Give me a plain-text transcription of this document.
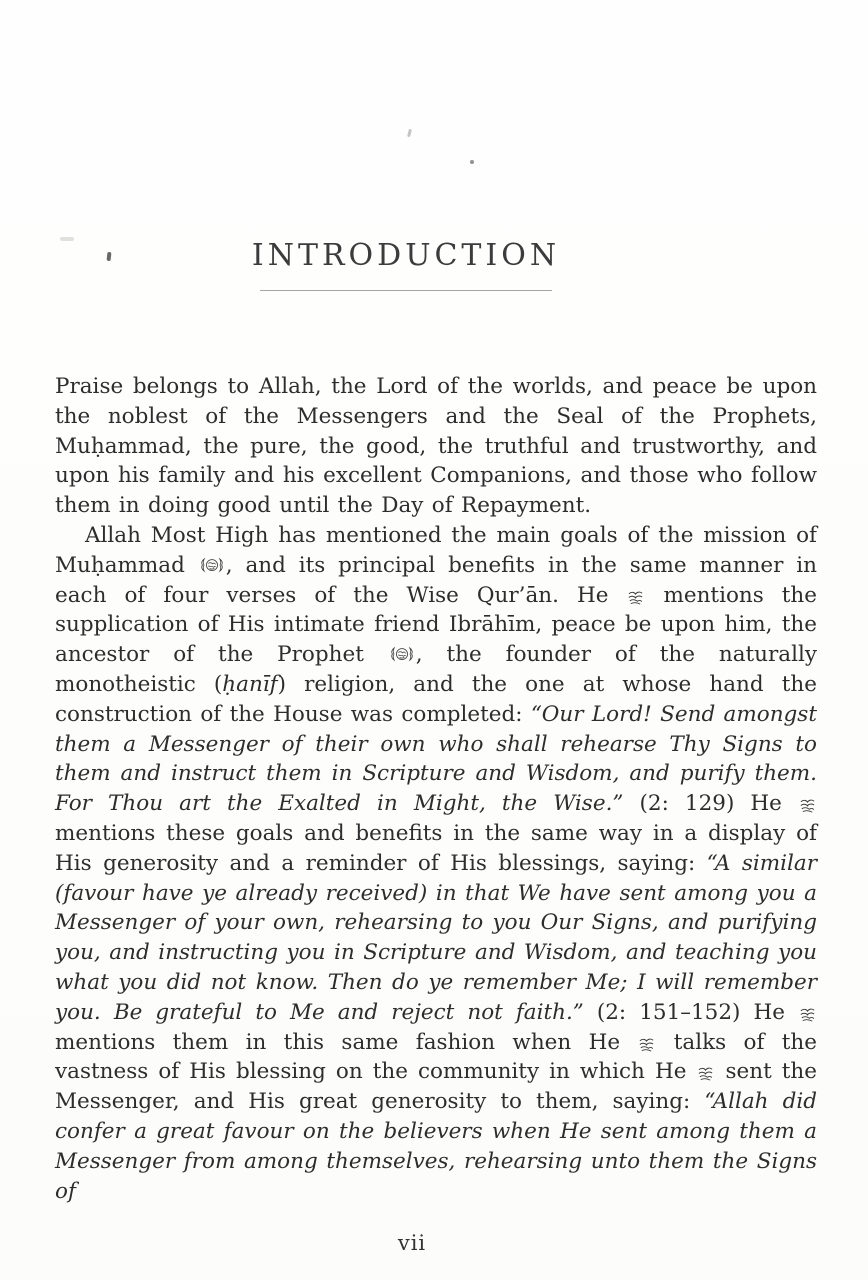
INTRODUCTION

Praise belongs to Allah, the Lord of the worlds, and peace be upon the noblest of the Messengers and the Seal of the Prophets, Muḥammad, the pure, the good, the truthful and trustworthy, and upon his family and his excellent Companions, and those who follow them in doing good until the Day of Repayment.

Allah Most High has mentioned the main goals of the mission of Muḥammad
, and its principal benefits in the same manner in each of four verses of the Wise Qur’ān. He
mentions the supplication of His intimate friend Ibrāhīm, peace be upon him, the ancestor of the Prophet
, the founder of the naturally monotheistic (ḥanīf) religion, and the one at whose hand the construction of the House was completed: “Our Lord! Send amongst them a Messenger of their own who shall rehearse Thy Signs to them and instruct them in Scripture and Wisdom, and purify them. For Thou art the Exalted in Might, the Wise.” (2: 129) He
mentions these goals and benefits in the same way in a display of His generosity and a reminder of His blessings, saying: “A similar (favour have ye already received) in that We have sent among you a Messenger of your own, rehearsing to you Our Signs, and purifying you, and instructing you in Scripture and Wisdom, and teaching you what you did not know. Then do ye remember Me; I will remember you. Be grateful to Me and reject not faith.” (2: 151–152) He
mentions them in this same fashion when He
talks of the vastness of His blessing on the community in which He
sent the Messenger, and His great generosity to them, saying: “Allah did confer a great favour on the believers when He sent among them a Messenger from among themselves, rehearsing unto them the Signs of

vii
